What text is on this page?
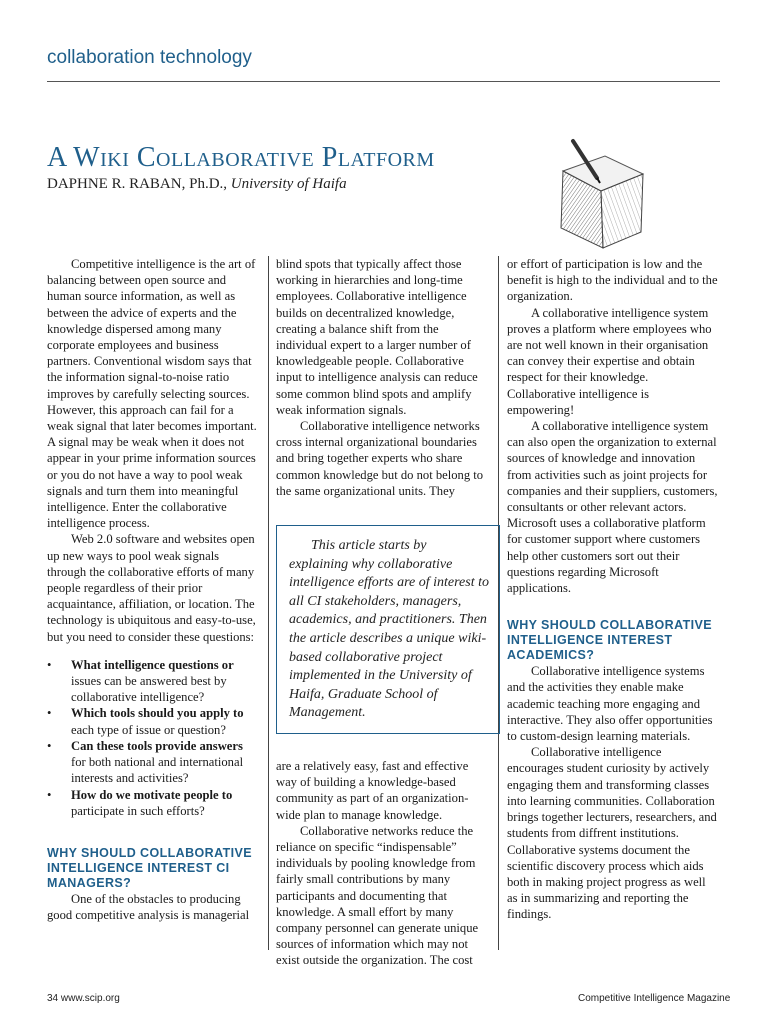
collaboration technology
A Wiki Collaborative Platform
DAPHNE R. RABAN, Ph.D., University of Haifa

Competitive intelligence is the art of balancing between open source and human source information, as well as between the advice of experts and the knowledge dispersed among many corporate employees and business partners. Conventional wisdom says that the information signal-to-noise ratio improves by carefully selecting sources. However, this approach can fail for a weak signal that later becomes important. A signal may be weak when it does not appear in your prime information sources or you do not have a way to pool weak signals and turn them into meaningful intelligence. Enter the collaborative intelligence process.

Web 2.0 software and websites open up new ways to pool weak signals through the collaborative efforts of many people regardless of their prior acquaintance, affiliation, or location. The technology is ubiquitous and easy-to-use, but you need to consider these questions:

• What intelligence questions or issues can be answered best by collaborative intelligence?
• Which tools should you apply to each type of issue or question?
• Can these tools provide answers for both national and international interests and activities?
• How do we motivate people to participate in such efforts?
WHY SHOULD COLLABORATIVE INTELLIGENCE INTEREST CI MANAGERS?

One of the obstacles to producing good competitive analysis is managerial

blind spots that typically affect those working in hierarchies and long-time employees. Collaborative intelligence builds on decentralized knowledge, creating a balance shift from the individual expert to a larger number of knowledgeable people. Collaborative input to intelligence analysis can reduce some common blind spots and amplify weak information signals.

Collaborative intelligence networks cross internal organizational boundaries and bring together experts who share common knowledge but do not belong to the same organizational units. They

This article starts by explaining why collaborative intelligence efforts are of interest to all CI stakeholders, managers, academics, and practitioners. Then the article describes a unique wiki-based collaborative project implemented in the University of Haifa, Graduate School of Management.

are a relatively easy, fast and effective way of building a knowledge-based community as part of an organization-wide plan to manage knowledge.

Collaborative networks reduce the reliance on specific “indispensable” individuals by pooling knowledge from fairly small contributions by many participants and documenting that knowledge. A small effort by many company personnel can generate unique sources of information which may not exist outside the organization. The cost

or effort of participation is low and the benefit is high to the individual and to the organization.

A collaborative intelligence system proves a platform where employees who are not well known in their organisation can convey their expertise and obtain respect for their knowledge. Collaborative intelligence is empowering!

A collaborative intelligence system can also open the organization to external sources of knowledge and innovation from activities such as joint projects for companies and their suppliers, customers, consultants or other relevant actors. Microsoft uses a collaborative platform for customer support where customers help other customers sort out their questions regarding Microsoft applications.

WHY SHOULD COLLABORATIVE INTELLIGENCE INTEREST ACADEMICS?

Collaborative intelligence systems and the activities they enable make academic teaching more engaging and interactive. They also offer opportunities to custom-design learning materials.

Collaborative intelligence encourages student curiosity by actively engaging them and transforming classes into learning communities. Collaboration brings together lecturers, researchers, and students from diffrent institutions. Collaborative systems document the scientific discovery process which aids both in making project progress as well as in summarizing and reporting the findings.

34 www.scip.org	Competitive Intelligence Magazine
